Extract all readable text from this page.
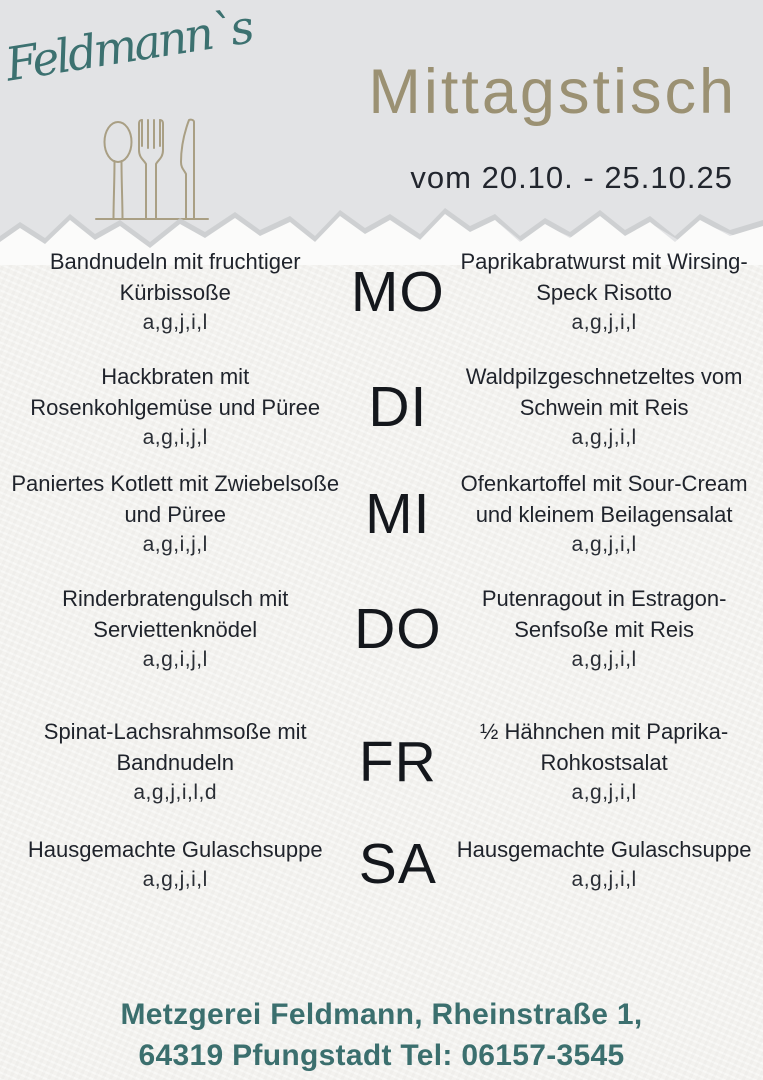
Feldmann`s
Mittagstisch
vom 20.10. - 25.10.25
Bandnudeln mit fruchtiger Kürbissoße
a,g,j,i,l	MO Paprikabratwurst mit Wirsing-Speck Risotto
a,g,j,i,l
Hackbraten mit Rosenkohlgemüse und Püree
a,g,i,j,l	DI	Waldpilzgeschnetzeltes vom Schwein mit Reis
a,g,j,i,l
Paniertes Kotlett mit Zwiebelsoße und Püree
a,g,i,j,l	MI	Ofenkartoffel mit Sour-Cream und kleinem Beilagensalat
a,g,j,i,l
Rinderbratengulsch mit Serviettenknödel
a,g,i,j,l	DO	Putenragout in Estragon-Senfsoße mit Reis
a,g,j,i,l
Spinat-Lachsrahmsoße mit Bandnudeln
a,g,j,i,l,d	FR	½ Hähnchen mit Paprika-Rohkostsalat
a,g,j,i,l
Hausgemachte Gulaschsuppe
a,g,j,i,l	SA Hausgemachte Gulaschsuppe
a,g,j,i,l
Metzgerei Feldmann, Rheinstraße 1,
64319 Pfungstadt Tel: 06157-3545
